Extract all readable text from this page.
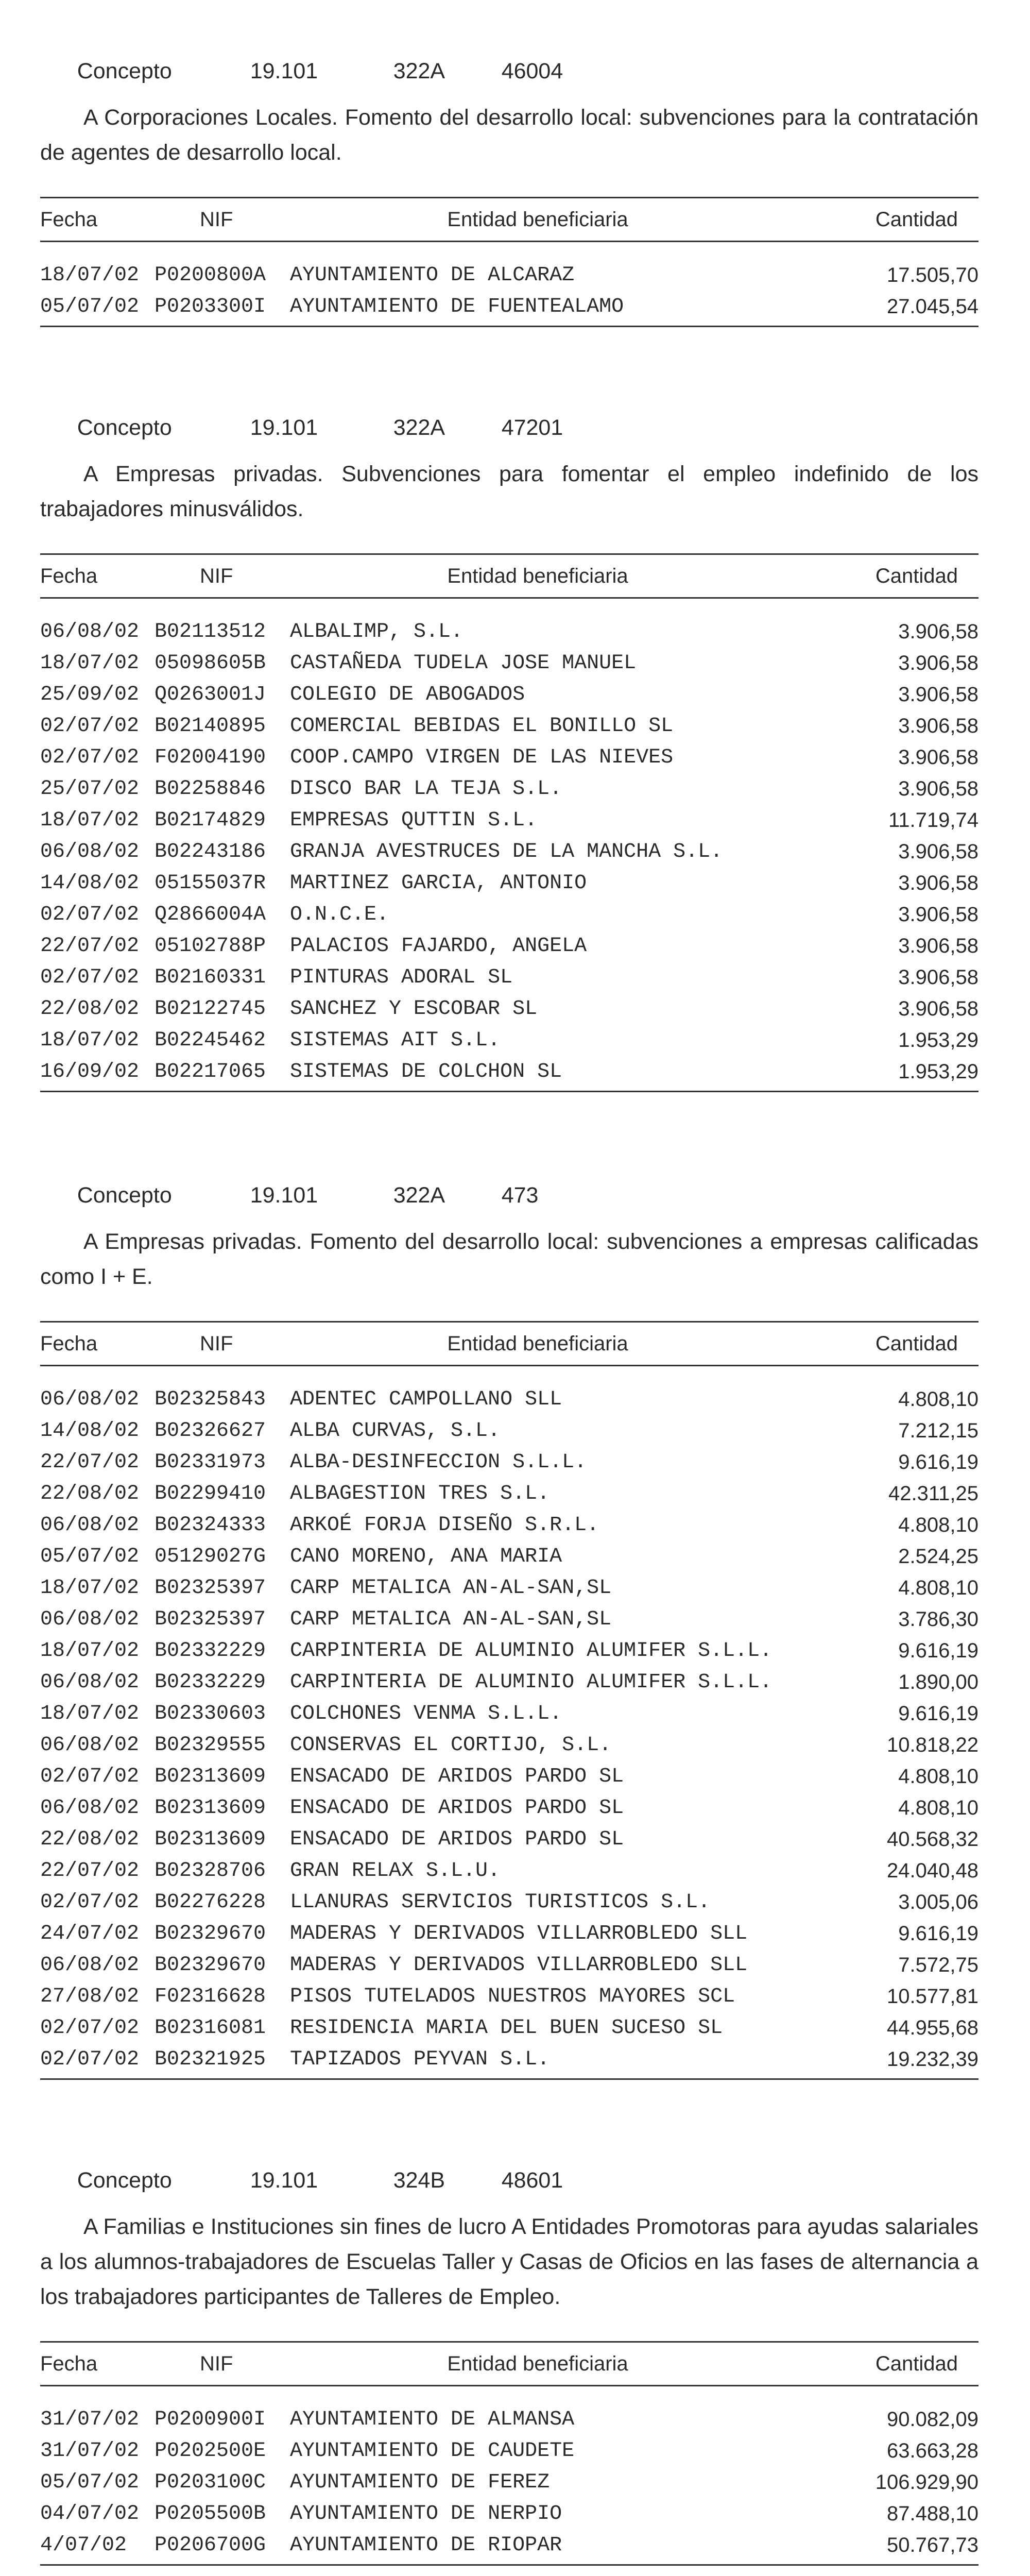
Concepto	19.101	322A	46004

A Corporaciones Locales. Fomento del desarrollo local: subvenciones para la contratación de agentes de desarrollo local.

Fecha	NIF	Entidad beneficiaria	Cantidad
18/07/02 P0200800A	AYUNTAMIENTO DE ALCARAZ	17.505,70
05/07/02 P0203300I	AYUNTAMIENTO DE FUENTEALAMO	27.045,54

Concepto	19.101	322A	47201

A Empresas privadas. Subvenciones para fomentar el empleo indefinido de los trabajadores minusválidos.

Fecha	NIF	Entidad beneficiaria	Cantidad
06/08/02 B02113512	ALBALIMP, S.L.	3.906,58
18/07/02 05098605B	CASTAÑEDA TUDELA JOSE MANUEL	3.906,58
25/09/02 Q0263001J	COLEGIO DE ABOGADOS	3.906,58
02/07/02 B02140895	COMERCIAL BEBIDAS EL BONILLO SL	3.906,58
02/07/02 F02004190	COOP.CAMPO VIRGEN DE LAS NIEVES	3.906,58
25/07/02 B02258846	DISCO BAR LA TEJA S.L.	3.906,58
18/07/02 B02174829	EMPRESAS QUTTIN S.L.	11.719,74
06/08/02 B02243186	GRANJA AVESTRUCES DE LA MANCHA S.L.	3.906,58
14/08/02 05155037R	MARTINEZ GARCIA, ANTONIO	3.906,58
02/07/02 Q2866004A	O.N.C.E.	3.906,58
22/07/02 05102788P	PALACIOS FAJARDO, ANGELA	3.906,58
02/07/02 B02160331	PINTURAS ADORAL SL	3.906,58
22/08/02 B02122745	SANCHEZ Y ESCOBAR SL	3.906,58
18/07/02 B02245462	SISTEMAS AIT S.L.	1.953,29
16/09/02 B02217065	SISTEMAS DE COLCHON SL	1.953,29

Concepto	19.101	322A	473

A Empresas privadas. Fomento del desarrollo local: subvenciones a empresas calificadas como I + E.

Fecha	NIF	Entidad beneficiaria	Cantidad
06/08/02 B02325843	ADENTEC CAMPOLLANO SLL	4.808,10
14/08/02 B02326627	ALBA CURVAS, S.L.	7.212,15
22/07/02 B02331973	ALBA-DESINFECCION S.L.L.	9.616,19
22/08/02 B02299410	ALBAGESTION TRES S.L.	42.311,25
06/08/02 B02324333	ARKOÉ FORJA DISEÑO S.R.L.	4.808,10
05/07/02 05129027G	CANO MORENO, ANA MARIA	2.524,25
18/07/02 B02325397	CARP METALICA AN-AL-SAN,SL	4.808,10
06/08/02 B02325397	CARP METALICA AN-AL-SAN,SL	3.786,30
18/07/02 B02332229	CARPINTERIA DE ALUMINIO ALUMIFER S.L.L.	9.616,19
06/08/02 B02332229	CARPINTERIA DE ALUMINIO ALUMIFER S.L.L.	1.890,00
18/07/02 B02330603	COLCHONES VENMA S.L.L.	9.616,19
06/08/02 B02329555	CONSERVAS EL CORTIJO, S.L.	10.818,22
02/07/02 B02313609	ENSACADO DE ARIDOS PARDO SL	4.808,10
06/08/02 B02313609	ENSACADO DE ARIDOS PARDO SL	4.808,10
22/08/02 B02313609	ENSACADO DE ARIDOS PARDO SL	40.568,32
22/07/02 B02328706	GRAN RELAX S.L.U.	24.040,48
02/07/02 B02276228	LLANURAS SERVICIOS TURISTICOS S.L.	3.005,06
24/07/02 B02329670	MADERAS Y DERIVADOS VILLARROBLEDO SLL	9.616,19
06/08/02 B02329670	MADERAS Y DERIVADOS VILLARROBLEDO SLL	7.572,75
27/08/02 F02316628	PISOS TUTELADOS NUESTROS MAYORES SCL	10.577,81
02/07/02 B02316081	RESIDENCIA MARIA DEL BUEN SUCESO SL	44.955,68
02/07/02 B02321925	TAPIZADOS PEYVAN S.L.	19.232,39

Concepto	19.101	324B	48601

A Familias e Instituciones sin fines de lucro A Entidades Promotoras para ayudas salariales a los alumnos-trabajadores de Escuelas Taller y Casas de Oficios en las fases de alternancia a los trabajadores participantes de Talleres de Empleo.

Fecha	NIF	Entidad beneficiaria	Cantidad
31/07/02 P0200900I	AYUNTAMIENTO DE ALMANSA	90.082,09
31/07/02 P0202500E	AYUNTAMIENTO DE CAUDETE	63.663,28
05/07/02 P0203100C	AYUNTAMIENTO DE FEREZ	106.929,90
04/07/02 P0205500B	AYUNTAMIENTO DE NERPIO	87.488,10
4/07/02	P0206700G	AYUNTAMIENTO DE RIOPAR	50.767,73
